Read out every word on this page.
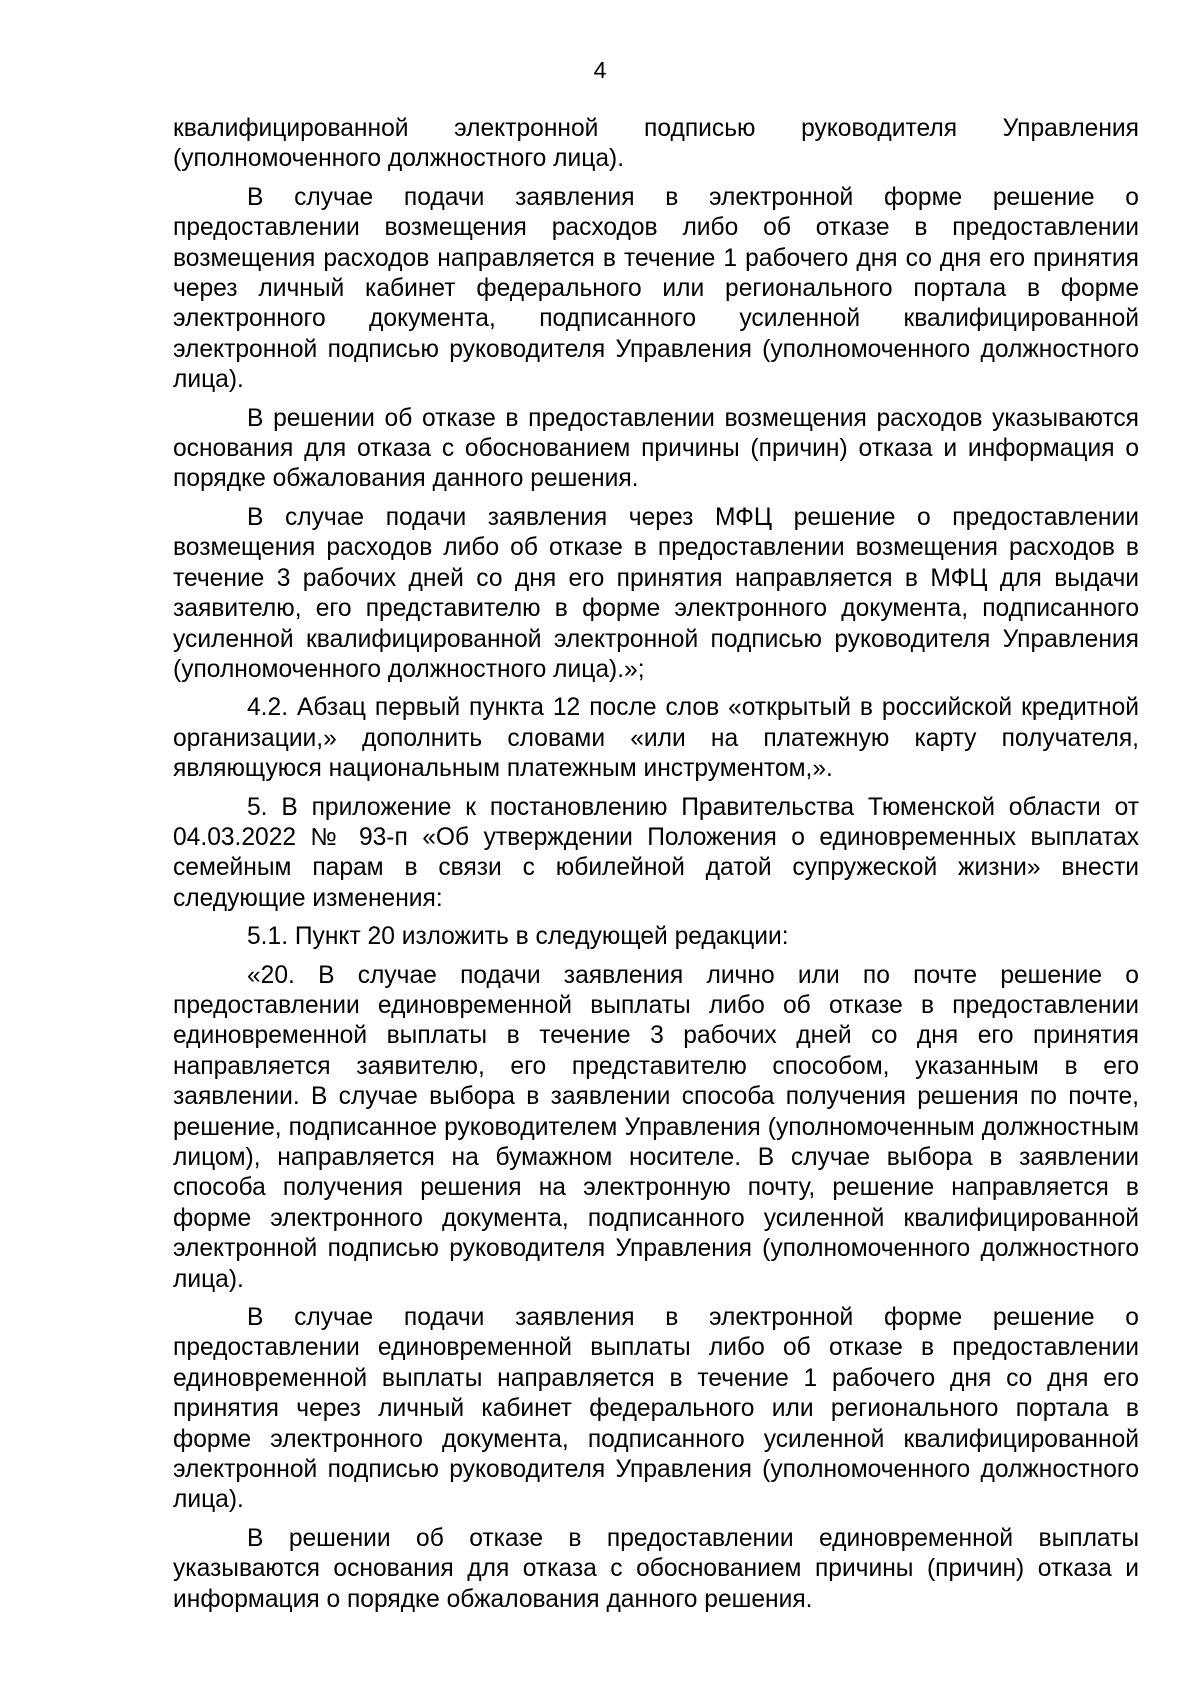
4

квалифицированной электронной подписью руководителя Управления (уполномоченного должностного лица).

В случае подачи заявления в электронной форме решение о предоставлении возмещения расходов либо об отказе в предоставлении возмещения расходов направляется в течение 1 рабочего дня со дня его принятия через личный кабинет федерального или регионального портала в форме электронного документа, подписанного усиленной квалифицированной электронной подписью руководителя Управления (уполномоченного должностного лица).

В решении об отказе в предоставлении возмещения расходов указываются основания для отказа с обоснованием причины (причин) отказа и информация о порядке обжалования данного решения.

В случае подачи заявления через МФЦ решение о предоставлении возмещения расходов либо об отказе в предоставлении возмещения расходов в течение 3 рабочих дней со дня его принятия направляется в МФЦ для выдачи заявителю, его представителю в форме электронного документа, подписанного усиленной квалифицированной электронной подписью руководителя Управления (уполномоченного должностного лица).»;

4.2. Абзац первый пункта 12 после слов «открытый в российской кредитной организации,» дополнить словами «или на платежную карту получателя, являющуюся национальным платежным инструментом,».

5. В приложение к постановлению Правительства Тюменской области от 04.03.2022 № 93-п «Об утверждении Положения о единовременных выплатах семейным парам в связи с юбилейной датой супружеской жизни» внести следующие изменения:

5.1. Пункт 20 изложить в следующей редакции:

«20. В случае подачи заявления лично или по почте решение о предоставлении единовременной выплаты либо об отказе в предоставлении единовременной выплаты в течение 3 рабочих дней со дня его принятия направляется заявителю, его представителю способом, указанным в его заявлении. В случае выбора в заявлении способа получения решения по почте, решение, подписанное руководителем Управления (уполномоченным должностным лицом), направляется на бумажном носителе. В случае выбора в заявлении способа получения решения на электронную почту, решение направляется в форме электронного документа, подписанного усиленной квалифицированной электронной подписью руководителя Управления (уполномоченного должностного лица).

В случае подачи заявления в электронной форме решение о предоставлении единовременной выплаты либо об отказе в предоставлении единовременной выплаты направляется в течение 1 рабочего дня со дня его принятия через личный кабинет федерального или регионального портала в форме электронного документа, подписанного усиленной квалифицированной электронной подписью руководителя Управления (уполномоченного должностного лица).

В решении об отказе в предоставлении единовременной выплаты указываются основания для отказа с обоснованием причины (причин) отказа и информация о порядке обжалования данного решения.
